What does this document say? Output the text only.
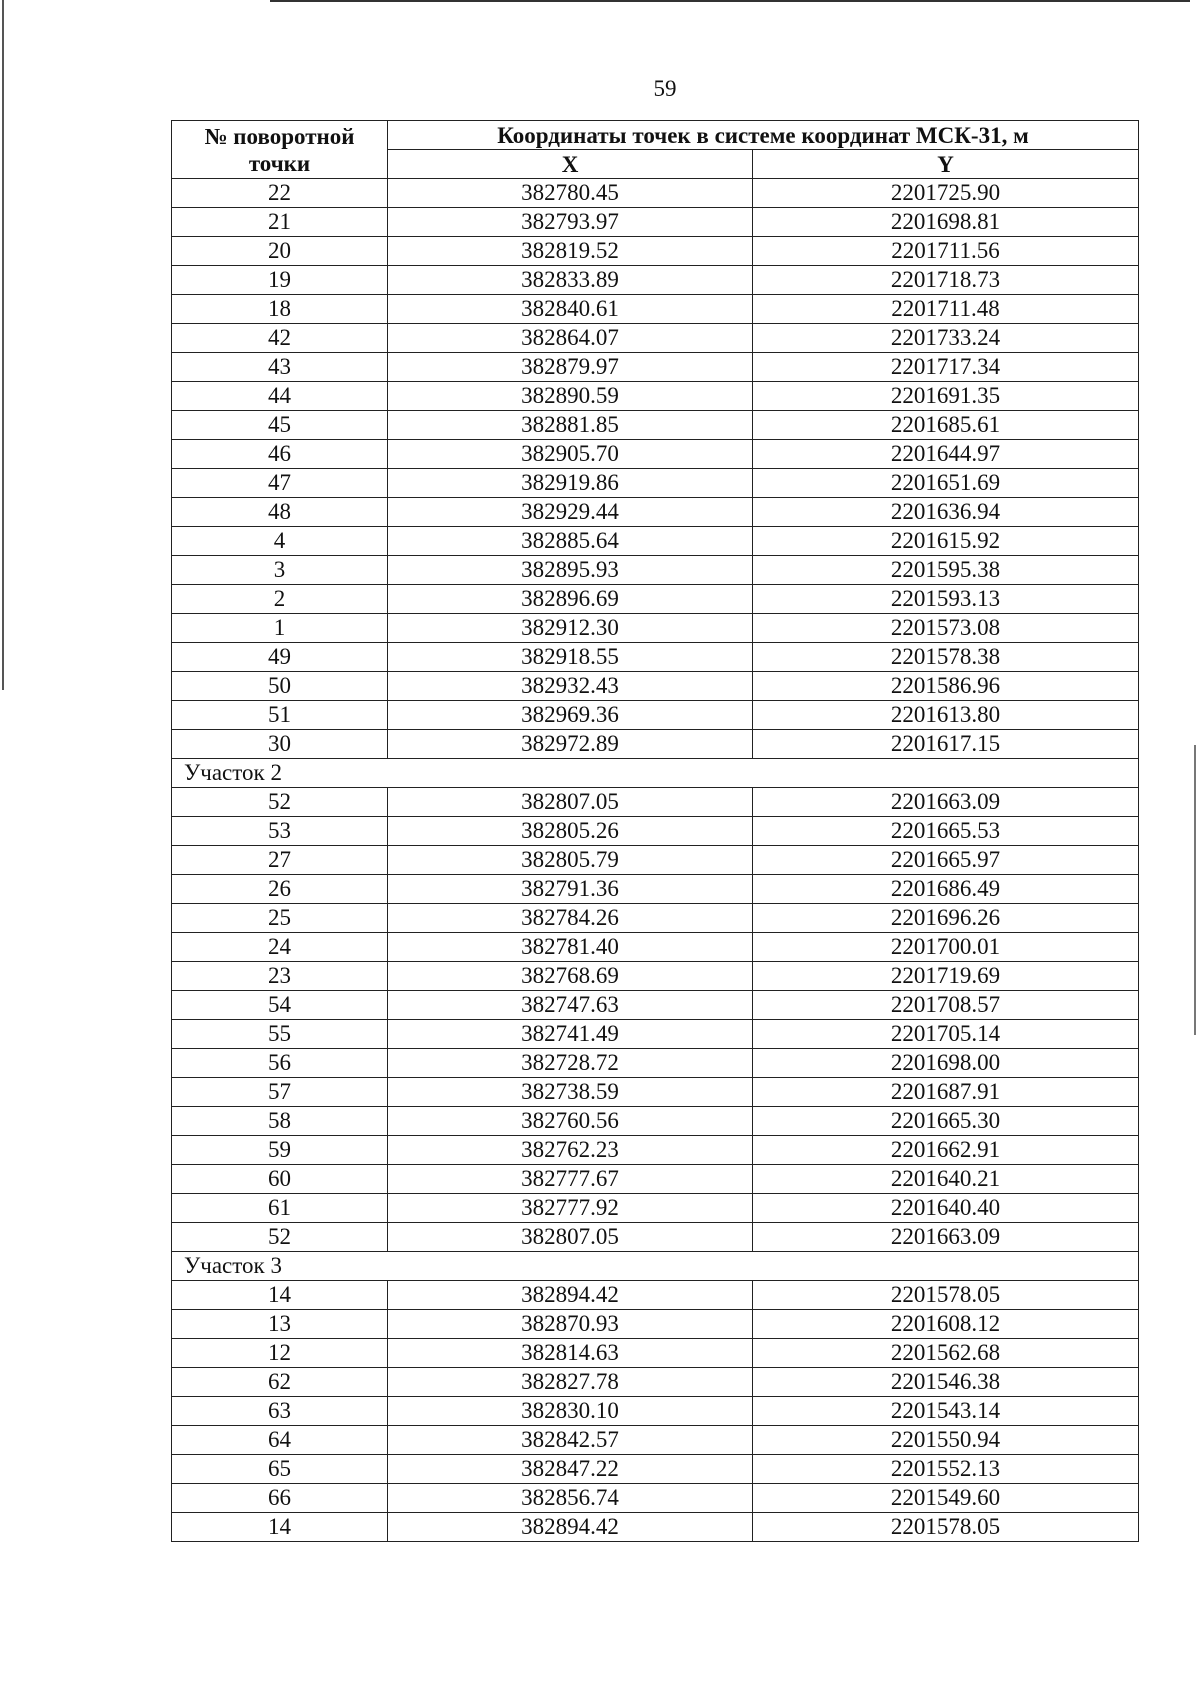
59
№ поворотной точки	Координаты точек в системе координат МСК-31, м	
	X	Y
22	382780.45	2201725.90
21	382793.97	2201698.81
20	382819.52	2201711.56
19	382833.89	2201718.73
18	382840.61	2201711.48
42	382864.07	2201733.24
43	382879.97	2201717.34
44	382890.59	2201691.35
45	382881.85	2201685.61
46	382905.70	2201644.97
47	382919.86	2201651.69
48	382929.44	2201636.94
4	382885.64	2201615.92
3	382895.93	2201595.38
2	382896.69	2201593.13
1	382912.30	2201573.08
49	382918.55	2201578.38
50	382932.43	2201586.96
51	382969.36	2201613.80
30	382972.89	2201617.15
Участок 2		
52	382807.05	2201663.09
53	382805.26	2201665.53
27	382805.79	2201665.97
26	382791.36	2201686.49
25	382784.26	2201696.26
24	382781.40	2201700.01
23	382768.69	2201719.69
54	382747.63	2201708.57
55	382741.49	2201705.14
56	382728.72	2201698.00
57	382738.59	2201687.91
58	382760.56	2201665.30
59	382762.23	2201662.91
60	382777.67	2201640.21
61	382777.92	2201640.40
52	382807.05	2201663.09
Участок 3		
14	382894.42	2201578.05
13	382870.93	2201608.12
12	382814.63	2201562.68
62	382827.78	2201546.38
63	382830.10	2201543.14
64	382842.57	2201550.94
65	382847.22	2201552.13
66	382856.74	2201549.60
14	382894.42	2201578.05
